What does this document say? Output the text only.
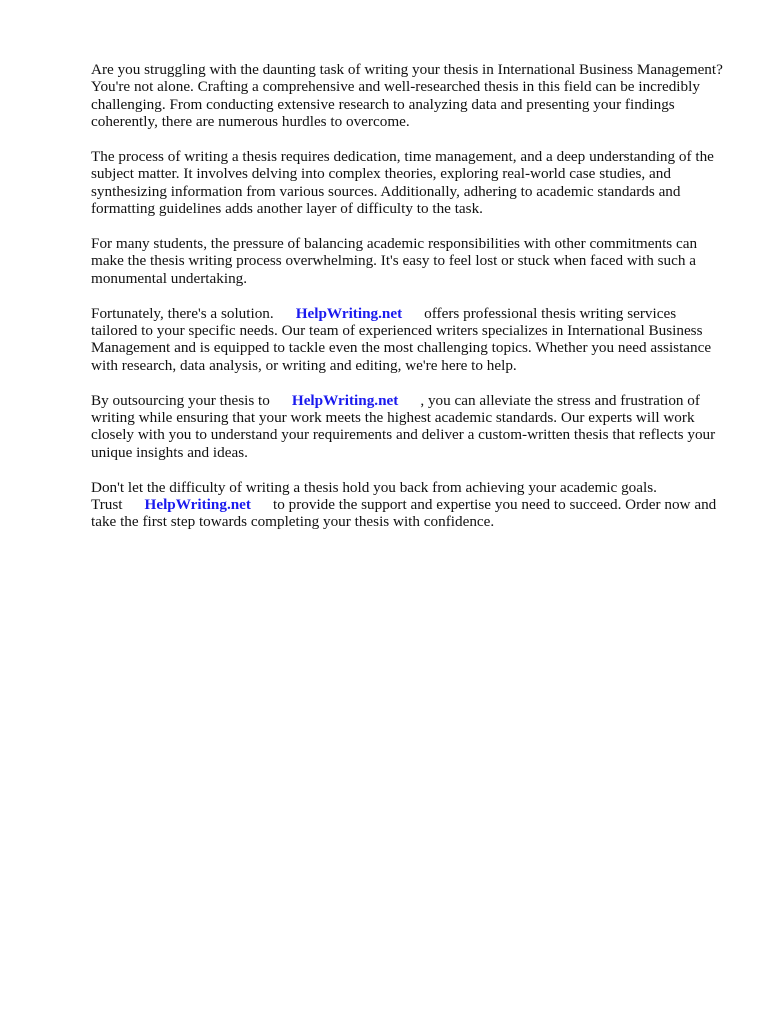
Are you struggling with the daunting task of writing your thesis in International Business Management? You're not alone. Crafting a comprehensive and well-researched thesis in this field can be incredibly challenging. From conducting extensive research to analyzing data and presenting your findings coherently, there are numerous hurdles to overcome.

The process of writing a thesis requires dedication, time management, and a deep understanding of the subject matter. It involves delving into complex theories, exploring real-world case studies, and synthesizing information from various sources. Additionally, adhering to academic standards and formatting guidelines adds another layer of difficulty to the task.

For many students, the pressure of balancing academic responsibilities with other commitments can make the thesis writing process overwhelming. It's easy to feel lost or stuck when faced with such a monumental undertaking.

Fortunately, there's a solution. HelpWriting.net offers professional thesis writing services tailored to your specific needs. Our team of experienced writers specializes in International Business Management and is equipped to tackle even the most challenging topics. Whether you need assistance with research, data analysis, or writing and editing, we're here to help.

By outsourcing your thesis to HelpWriting.net , you can alleviate the stress and frustration of writing while ensuring that your work meets the highest academic standards. Our experts will work closely with you to understand your requirements and deliver a custom-written thesis that reflects your unique insights and ideas.

Don't let the difficulty of writing a thesis hold you back from achieving your academic goals. Trust HelpWriting.net to provide the support and expertise you need to succeed. Order now and take the first step towards completing your thesis with confidence.
